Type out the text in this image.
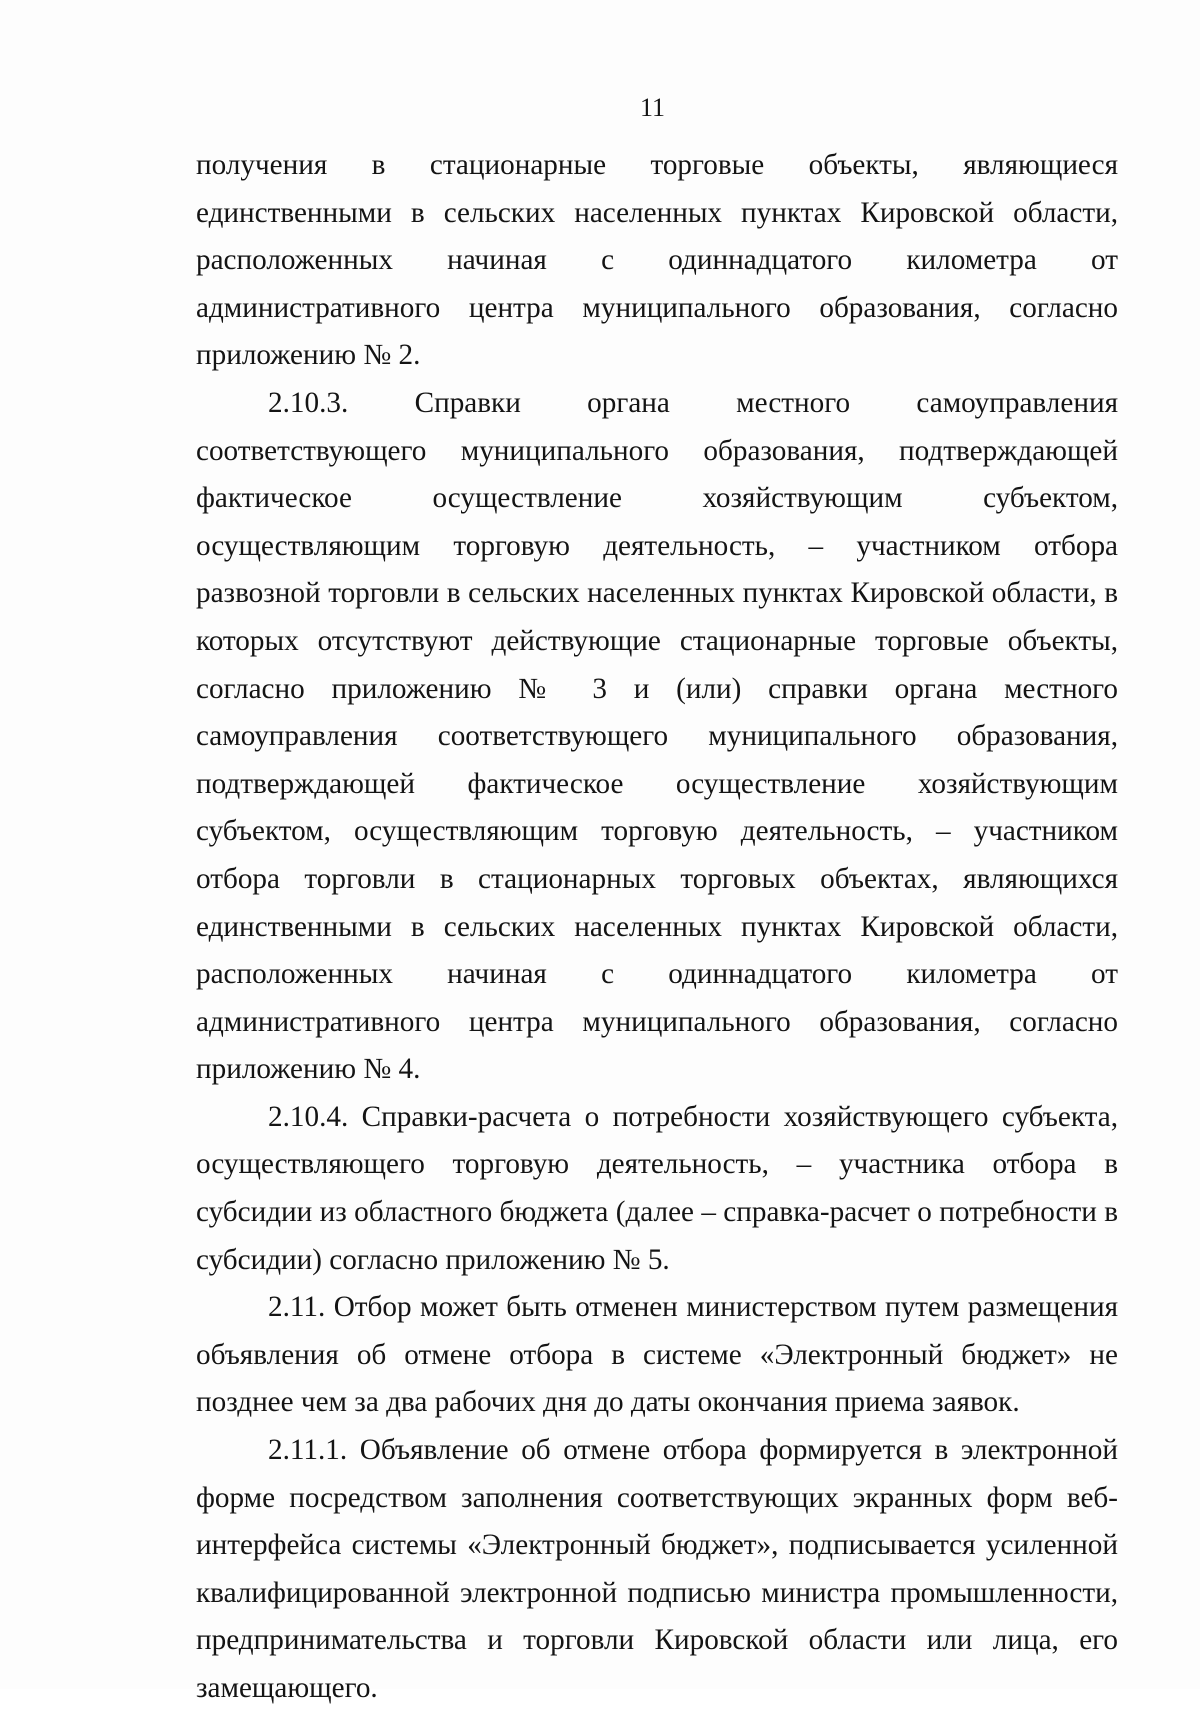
11

получения в стационарные торговые объекты, являющиеся единственными в сельских населенных пунктах Кировской области, расположенных начиная с одиннадцатого километра от административного центра муниципального образования, согласно приложению № 2.

2.10.3. Справки органа местного самоуправления соответствующего муниципального образования, подтверждающей фактическое осуществление хозяйствующим субъектом, осуществляющим торговую деятельность, – участником отбора развозной торговли в сельских населенных пунктах Кировской области, в которых отсутствуют действующие стационарные торговые объекты, согласно приложению № 3 и (или) справки органа местного самоуправления соответствующего муниципального образования, подтверждающей фактическое осуществление хозяйствующим субъектом, осуществляющим торговую деятельность, – участником отбора торговли в стационарных торговых объектах, являющихся единственными в сельских населенных пунктах Кировской области, расположенных начиная с одиннадцатого километра от административного центра муниципального образования, согласно приложению № 4.

2.10.4. Справки-расчета о потребности хозяйствующего субъекта, осуществляющего торговую деятельность, – участника отбора в субсидии из областного бюджета (далее – справка-расчет о потребности в субсидии) согласно приложению № 5.

2.11. Отбор может быть отменен министерством путем размещения объявления об отмене отбора в системе «Электронный бюджет» не позднее чем за два рабочих дня до даты окончания приема заявок.

2.11.1. Объявление об отмене отбора формируется в электронной форме посредством заполнения соответствующих экранных форм веб-интерфейса системы «Электронный бюджет», подписывается усиленной квалифицированной электронной подписью министра промышленности, предпринимательства и торговли Кировской области или лица, его замещающего.
